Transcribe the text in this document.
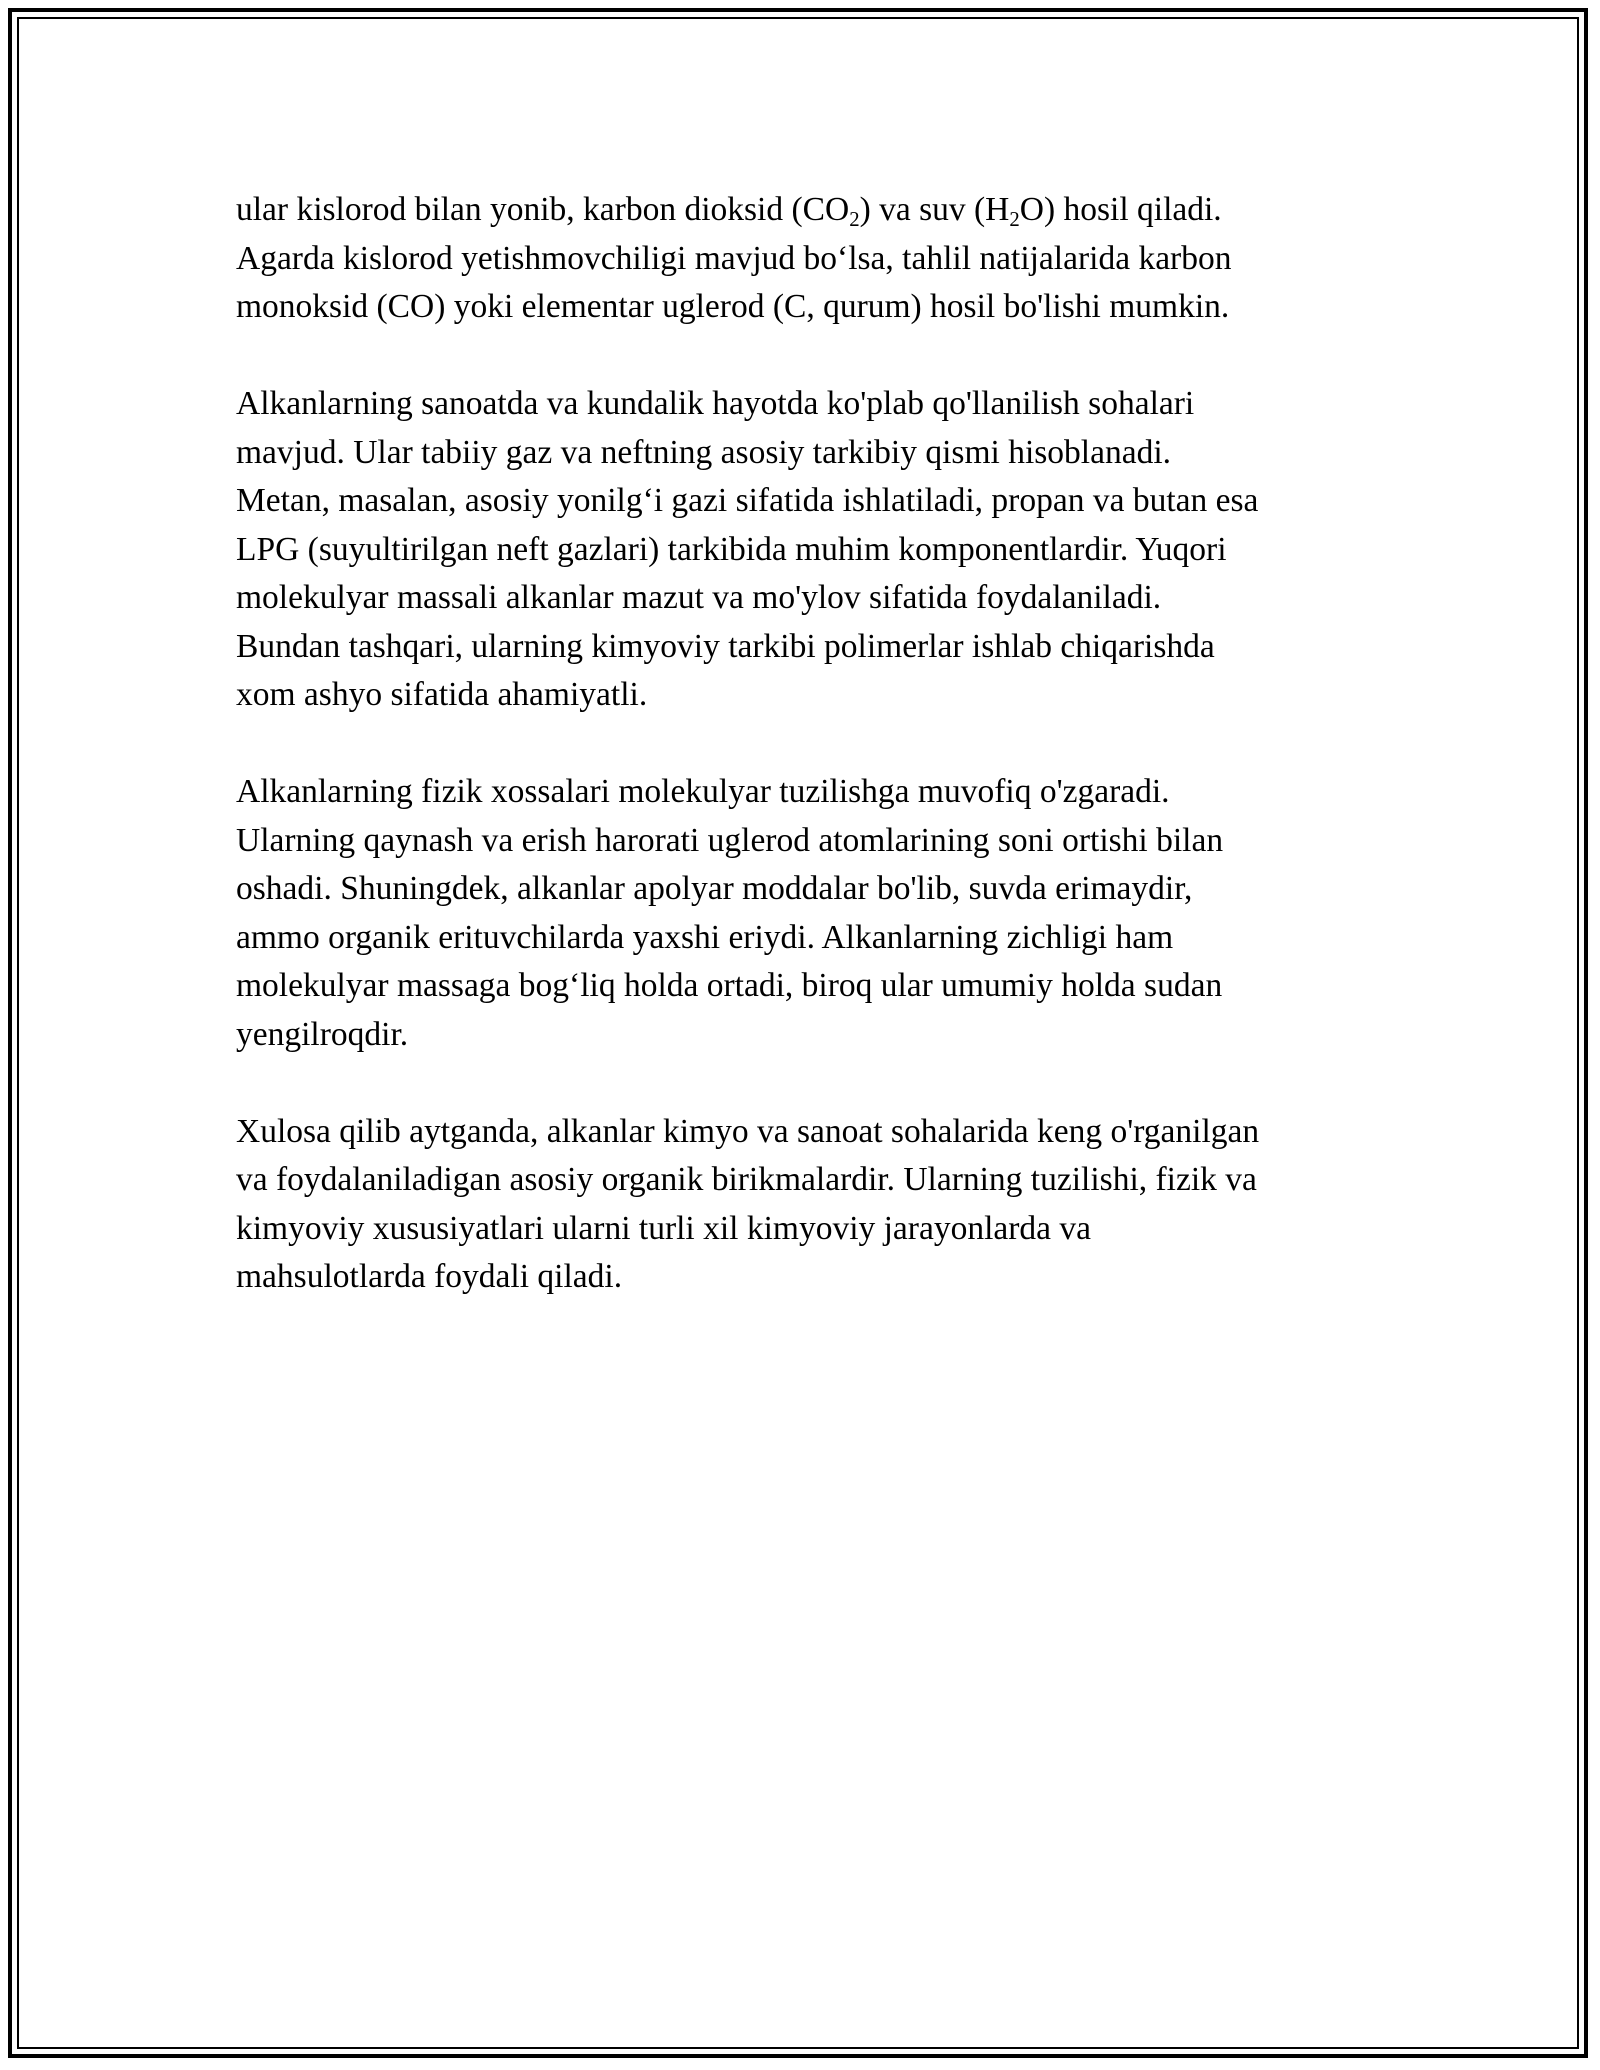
ular kislorod bilan yonib, karbon dioksid $(CO_2)$ va suv $(H_2O)$ hosil qiladi.
Agarda kislorod yetishmovchiligi mavjud bo‘lsa, tahlil natijalarida karbon
monoksid (CO) yoki elementar uglerod (C, qurum) hosil bo'lishi mumkin.

Alkanlarning sanoatda va kundalik hayotda ko'plab qo'llanilish sohalari
mavjud. Ular tabiiy gaz va neftning asosiy tarkibiy qismi hisoblanadi.
Metan, masalan, asosiy yonilg‘i gazi sifatida ishlatiladi, propan va butan esa
LPG (suyultirilgan neft gazlari) tarkibida muhim komponentlardir. Yuqori
molekulyar massali alkanlar mazut va mo'ylov sifatida foydalaniladi.
Bundan tashqari, ularning kimyoviy tarkibi polimerlar ishlab chiqarishda
xom ashyo sifatida ahamiyatli.

Alkanlarning fizik xossalari molekulyar tuzilishga muvofiq o'zgaradi.
Ularning qaynash va erish harorati uglerod atomlarining soni ortishi bilan
oshadi. Shuningdek, alkanlar apolyar moddalar bo'lib, suvda erimaydir,
ammo organik erituvchilarda yaxshi eriydi. Alkanlarning zichligi ham
molekulyar massaga bog‘liq holda ortadi, biroq ular umumiy holda sudan
yengilroqdir.

Xulosa qilib aytganda, alkanlar kimyo va sanoat sohalarida keng o'rganilgan
va foydalaniladigan asosiy organik birikmalardir. Ularning tuzilishi, fizik va
kimyoviy xususiyatlari ularni turli xil kimyoviy jarayonlarda va
mahsulotlarda foydali qiladi.
